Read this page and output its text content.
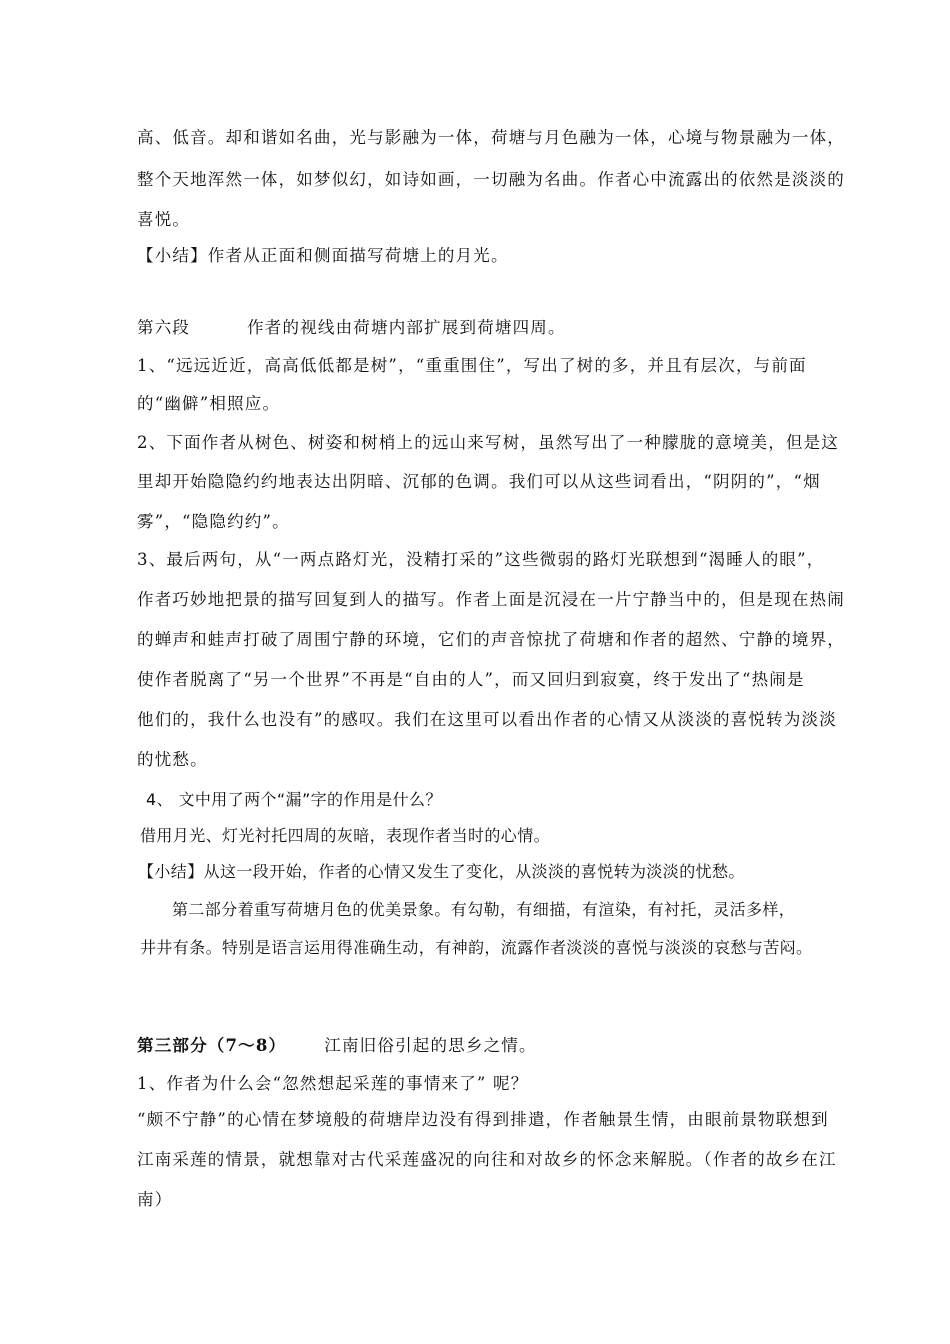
高、低音。却和谐如名曲，光与影融为一体，荷塘与月色融为一体，心境与物景融为一体，
整个天地浑然一体，如梦似幻，如诗如画，一切融为名曲。作者心中流露出的依然是淡淡的
喜悦。
【小结】作者从正面和侧面描写荷塘上的月光。
第六段	作者的视线由荷塘内部扩展到荷塘四周。
1、“远远近近，高高低低都是树”，“重重围住”，写出了树的多，并且有层次，与前面
的“幽僻”相照应。
2、下面作者从树色、树姿和树梢上的远山来写树，虽然写出了一种朦胧的意境美，但是这
里却开始隐隐约约地表达出阴暗、沉郁的色调。我们可以从这些词看出，“阴阴的”，“烟
雾”，“隐隐约约”。
3、最后两句，从“一两点路灯光，没精打采的”这些微弱的路灯光联想到“渴睡人的眼”，
作者巧妙地把景的描写回复到人的描写。作者上面是沉浸在一片宁静当中的，但是现在热闹
的蝉声和蛙声打破了周围宁静的环境，它们的声音惊扰了荷塘和作者的超然、宁静的境界，
使作者脱离了“另一个世界”不再是“自由的人”，而又回归到寂寞，终于发出了“热闹是
他们的，我什么也没有”的感叹。我们在这里可以看出作者的心情又从淡淡的喜悦转为淡淡
的忧愁。
4、 文中用了两个“漏”字的作用是什么？
借用月光、灯光衬托四周的灰暗，表现作者当时的心情。
【小结】从这一段开始，作者的心情又发生了变化，从淡淡的喜悦转为淡淡的忧愁。
第二部分着重写荷塘月色的优美景象。有勾勒，有细描，有渲染，有衬托，灵活多样，
井井有条。特别是语言运用得准确生动，有神韵，流露作者淡淡的喜悦与淡淡的哀愁与苦闷。
第三部分（7～8） 江南旧俗引起的思乡之情。
1、作者为什么会“忽然想起采莲的事情来了” 呢？
“颇不宁静”的心情在梦境般的荷塘岸边没有得到排遣，作者触景生情，由眼前景物联想到
江南采莲的情景，就想靠对古代采莲盛况的向往和对故乡的怀念来解脱。（作者的故乡在江
南）
